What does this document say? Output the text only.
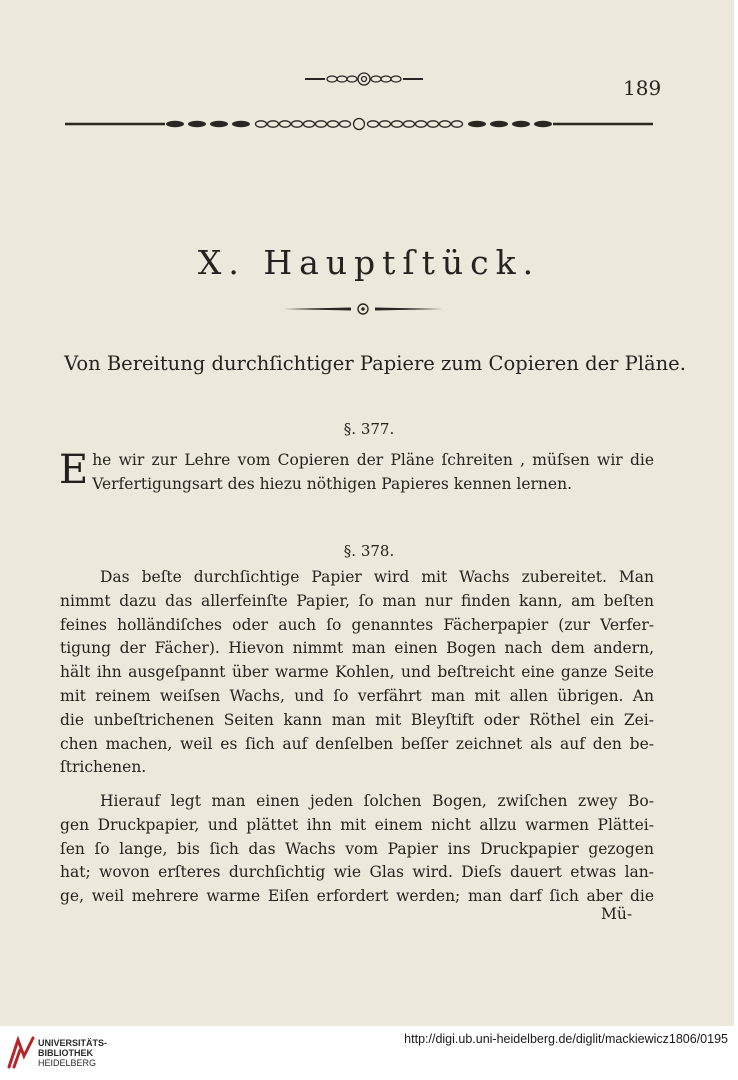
189
X. Hauptſtück.
Von Bereitung durchſichtiger Papiere zum Copieren der Pläne.
§. 377.
E he wir zur Lehre vom Copieren der Pläne ſchreiten , müſsen wir die
Verfertigungsart des hiezu nöthigen Papieres kennen lernen.
§. 378.
Das beſte durchſichtige Papier wird mit Wachs zubereitet. Man
nimmt dazu das allerfeinſte Papier, ſo man nur finden kann, am beſten
feines holländiſches oder auch ſo genanntes Fächerpapier (zur Verfer-
tigung der Fächer). Hievon nimmt man einen Bogen nach dem andern,
hält ihn ausgeſpannt über warme Kohlen, und beſtreicht eine ganze Seite
mit reinem weiſsen Wachs, und ſo verfährt man mit allen übrigen. An
die unbeſtrichenen Seiten kann man mit Bleyſtift oder Röthel ein Zei-
chen machen, weil es ſich auf denſelben beſſer zeichnet als auf den be-
ſtrichenen.
Hierauf legt man einen jeden ſolchen Bogen, zwiſchen zwey Bo-
gen Druckpapier, und plättet ihn mit einem nicht allzu warmen Plättei-
ſen ſo lange, bis ſich das Wachs vom Papier ins Druckpapier gezogen
hat; wovon erſteres durchſichtig wie Glas wird. Dieſs dauert etwas lan-
ge, weil mehrere warme Eiſen erfordert werden; man darf ſich aber die
Mü-
UNIVERSITÄTS-
BIBLIOTHEK
HEIDELBERG
http://digi.ub.uni-heidelberg.de/diglit/mackiewicz1806/0195
